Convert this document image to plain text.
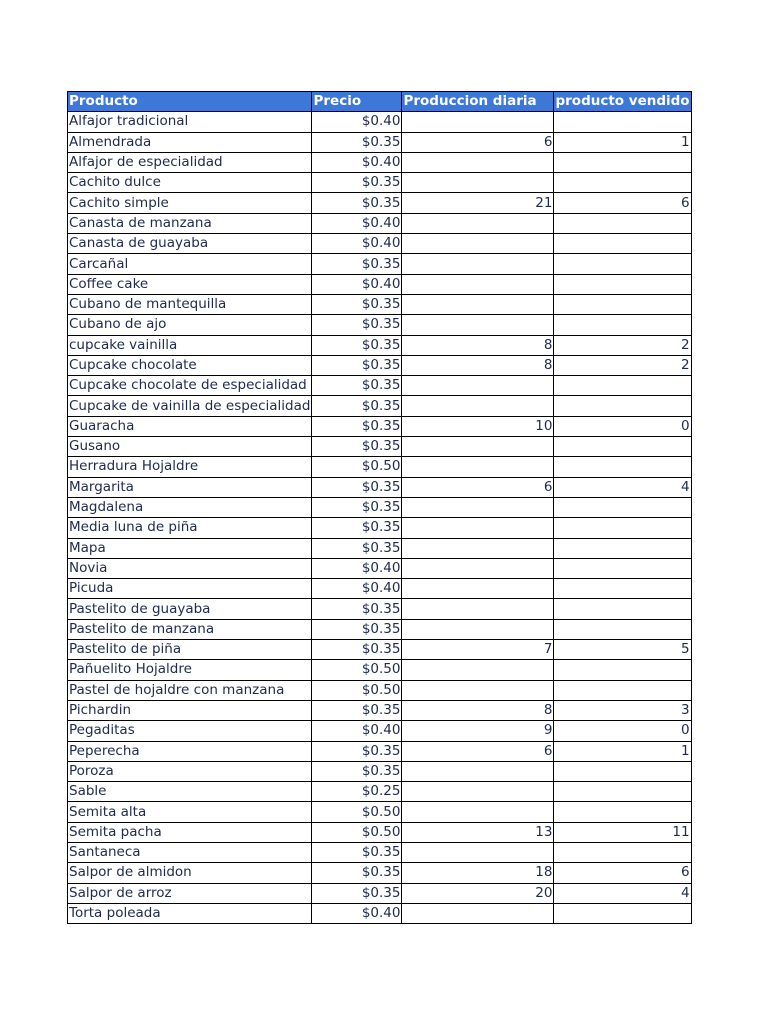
Producto	Precio	Produccion diaria	producto vendido
Alfajor tradicional	$0.40		
Almendrada	$0.35	6	1
Alfajor de especialidad	$0.40		
Cachito dulce	$0.35		
Cachito simple	$0.35	21	6
Canasta de manzana	$0.40		
Canasta de guayaba	$0.40		
Carcañal	$0.35		
Coffee cake	$0.40		
Cubano de mantequilla	$0.35		
Cubano de ajo	$0.35		
cupcake vainilla	$0.35	8	2
Cupcake chocolate	$0.35	8	2
Cupcake chocolate de especialidad	$0.35		
Cupcake de vainilla de especialidad	$0.35		
Guaracha	$0.35	10	0
Gusano	$0.35		
Herradura Hojaldre	$0.50		
Margarita	$0.35	6	4
Magdalena	$0.35		
Media luna de piña	$0.35		
Mapa	$0.35		
Novia	$0.40		
Picuda	$0.40		
Pastelito de guayaba	$0.35		
Pastelito de manzana	$0.35		
Pastelito de piña	$0.35	7	5
Pañuelito Hojaldre	$0.50		
Pastel de hojaldre con manzana	$0.50		
Pichardin	$0.35	8	3
Pegaditas	$0.40	9	0
Peperecha	$0.35	6	1
Poroza	$0.35		
Sable	$0.25		
Semita alta	$0.50		
Semita pacha	$0.50	13	11
Santaneca	$0.35		
Salpor de almidon	$0.35	18	6
Salpor de arroz	$0.35	20	4
Torta poleada	$0.40		
